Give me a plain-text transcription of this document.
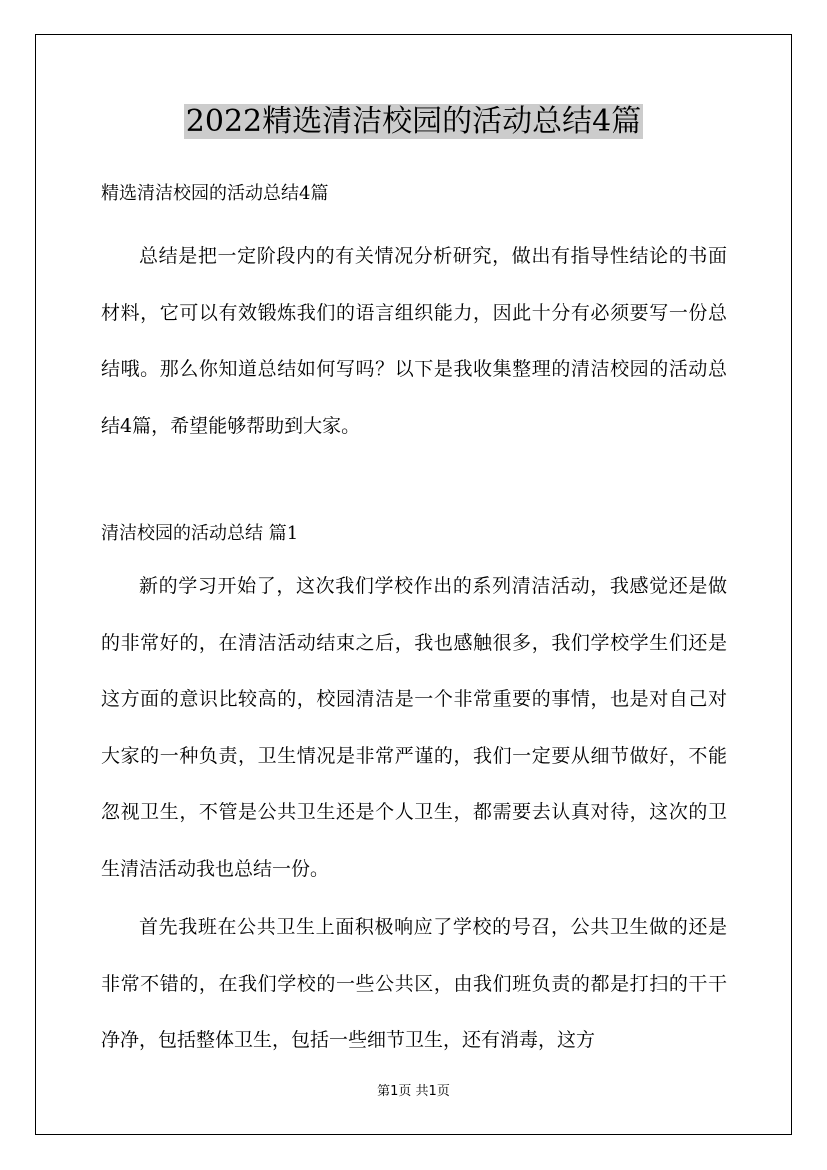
2022精选清洁校园的活动总结4篇

精选清洁校园的活动总结4篇

总结是把一定阶段内的有关情况分析研究，做出有指导性结论的书面材料，它可以有效锻炼我们的语言组织能力，因此十分有必须要写一份总结哦。那么你知道总结如何写吗？以下是我收集整理的清洁校园的活动总结4篇，希望能够帮助到大家。

清洁校园的活动总结 篇1

新的学习开始了，这次我们学校作出的系列清洁活动，我感觉还是做的非常好的，在清洁活动结束之后，我也感触很多，我们学校学生们还是这方面的意识比较高的，校园清洁是一个非常重要的事情，也是对自己对大家的一种负责，卫生情况是非常严谨的，我们一定要从细节做好，不能忽视卫生，不管是公共卫生还是个人卫生，都需要去认真对待，这次的卫生清洁活动我也总结一份。

首先我班在公共卫生上面积极响应了学校的号召，公共卫生做的还是非常不错的，在我们学校的一些公共区，由我们班负责的都是打扫的干干净净，包括整体卫生，包括一些细节卫生，还有消毒，这方

第1页 共1页
